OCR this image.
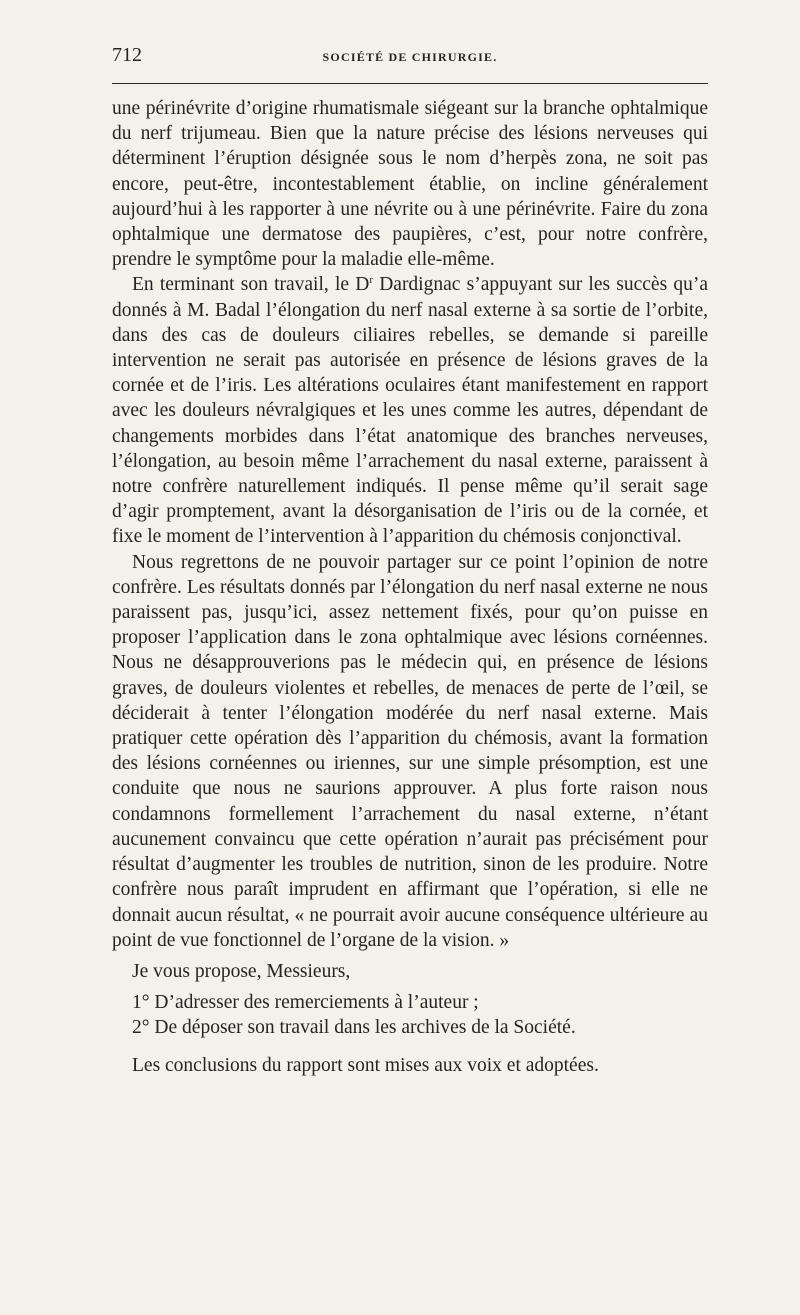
712	SOCIÉTÉ DE CHIRURGIE.

une périnévrite d’origine rhumatismale siégeant sur la branche ophtalmique du nerf trijumeau. Bien que la nature précise des lésions nerveuses qui déterminent l’éruption désignée sous le nom d’herpès zona, ne soit pas encore, peut-être, incontestablement établie, on incline généralement aujourd’hui à les rapporter à une névrite ou à une périnévrite. Faire du zona ophtalmique une dermatose des paupières, c’est, pour notre confrère, prendre le symptôme pour la maladie elle-même.

En terminant son travail, le $D^r$ Dardignac s’appuyant sur les succès qu’a donnés à M. Badal l’élongation du nerf nasal externe à sa sortie de l’orbite, dans des cas de douleurs ciliaires rebelles, se demande si pareille intervention ne serait pas autorisée en présence de lésions graves de la cornée et de l’iris. Les altérations oculaires étant manifestement en rapport avec les douleurs névralgiques et les unes comme les autres, dépendant de changements morbides dans l’état anatomique des branches nerveuses, l’élongation, au besoin même l’arrachement du nasal externe, paraissent à notre confrère naturellement indiqués. Il pense même qu’il serait sage d’agir promptement, avant la désorganisation de l’iris ou de la cornée, et fixe le moment de l’intervention à l’apparition du chémosis conjonctival.

Nous regrettons de ne pouvoir partager sur ce point l’opinion de notre confrère. Les résultats donnés par l’élongation du nerf nasal externe ne nous paraissent pas, jusqu’ici, assez nettement fixés, pour qu’on puisse en proposer l’application dans le zona ophtalmique avec lésions cornéennes. Nous ne désapprouverions pas le médecin qui, en présence de lésions graves, de douleurs violentes et rebelles, de menaces de perte de l’œil, se déciderait à tenter l’élongation modérée du nerf nasal externe. Mais pratiquer cette opération dès l’apparition du chémosis, avant la formation des lésions cornéennes ou iriennes, sur une simple présomption, est une conduite que nous ne saurions approuver. A plus forte raison nous condamnons formellement l’arrachement du nasal externe, n’étant aucunement convaincu que cette opération n’aurait pas précisément pour résultat d’augmenter les troubles de nutrition, sinon de les produire. Notre confrère nous paraît imprudent en affirmant que l’opération, si elle ne donnait aucun résultat, « ne pourrait avoir aucune conséquence ultérieure au point de vue fonctionnel de l’organe de la vision. »

Je vous propose, Messieurs,

1° D’adresser des remerciements à l’auteur ;

2° De déposer son travail dans les archives de la Société.

Les conclusions du rapport sont mises aux voix et adoptées.
